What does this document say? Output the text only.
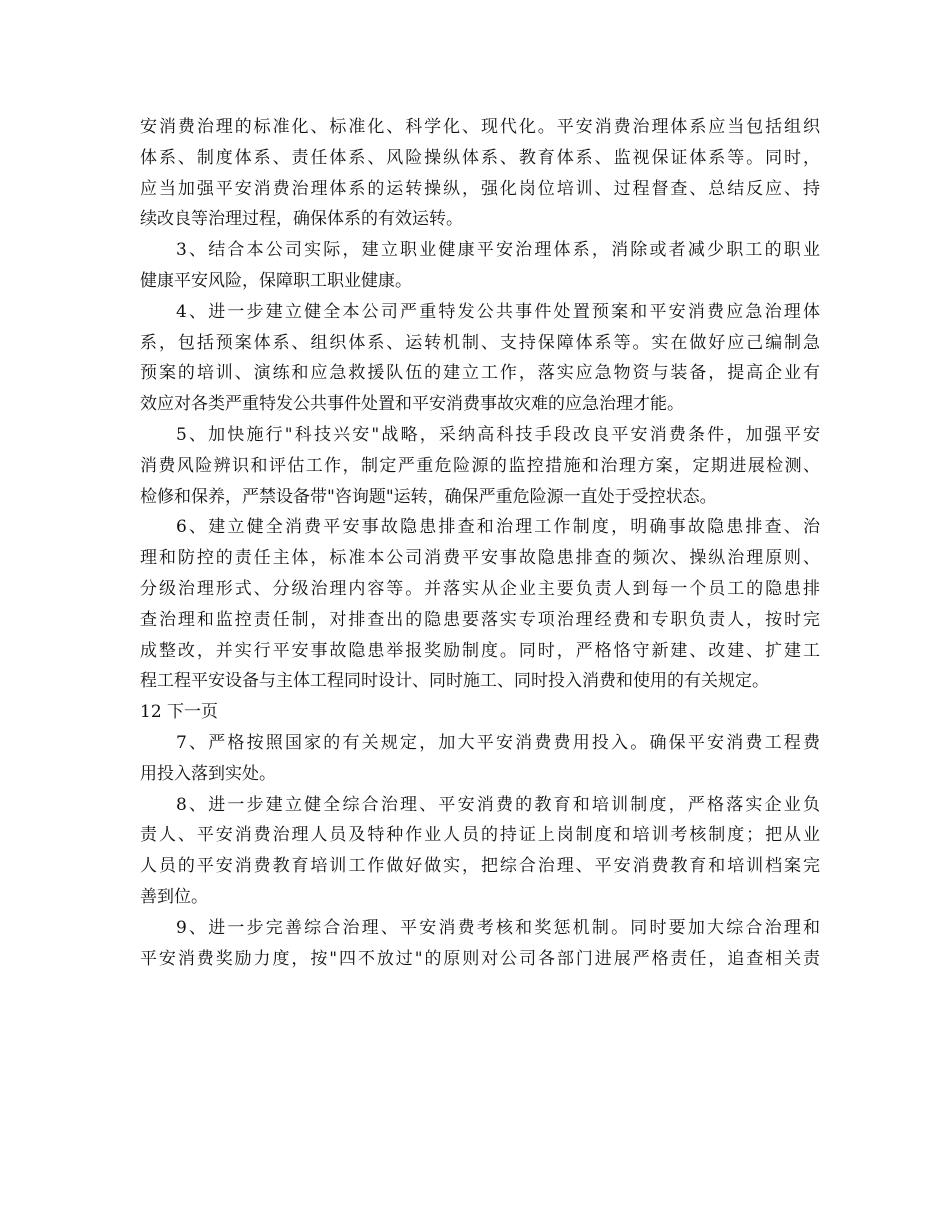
安消费治理的标准化、标准化、科学化、现代化。平安消费治理体系应当包括组织
体系、制度体系、责任体系、风险操纵体系、教育体系、监视保证体系等。同时，
应当加强平安消费治理体系的运转操纵，强化岗位培训、过程督查、总结反应、持
续改良等治理过程，确保体系的有效运转。
3、结合本公司实际，建立职业健康平安治理体系，消除或者减少职工的职业
健康平安风险，保障职工职业健康。
4、进一步建立健全本公司严重特发公共事件处置预案和平安消费应急治理体
系，包括预案体系、组织体系、运转机制、支持保障体系等。实在做好应己编制急
预案的培训、演练和应急救援队伍的建立工作，落实应急物资与装备，提高企业有
效应对各类严重特发公共事件处置和平安消费事故灾难的应急治理才能。
5、加快施行"科技兴安"战略，采纳高科技手段改良平安消费条件，加强平安
消费风险辨识和评估工作，制定严重危险源的监控措施和治理方案，定期进展检测、
检修和保养，严禁设备带"咨询题"运转，确保严重危险源一直处于受控状态。
6、建立健全消费平安事故隐患排查和治理工作制度，明确事故隐患排查、治
理和防控的责任主体，标准本公司消费平安事故隐患排查的频次、操纵治理原则、
分级治理形式、分级治理内容等。并落实从企业主要负责人到每一个员工的隐患排
查治理和监控责任制，对排查出的隐患要落实专项治理经费和专职负责人，按时完
成整改，并实行平安事故隐患举报奖励制度。同时，严格恪守新建、改建、扩建工
程工程平安设备与主体工程同时设计、同时施工、同时投入消费和使用的有关规定。
12 下一页
7、严格按照国家的有关规定，加大平安消费费用投入。确保平安消费工程费
用投入落到实处。
8、进一步建立健全综合治理、平安消费的教育和培训制度，严格落实企业负
责人、平安消费治理人员及特种作业人员的持证上岗制度和培训考核制度；把从业
人员的平安消费教育培训工作做好做实，把综合治理、平安消费教育和培训档案完
善到位。
9、进一步完善综合治理、平安消费考核和奖惩机制。同时要加大综合治理和
平安消费奖励力度，按"四不放过"的原则对公司各部门进展严格责任，追查相关责
